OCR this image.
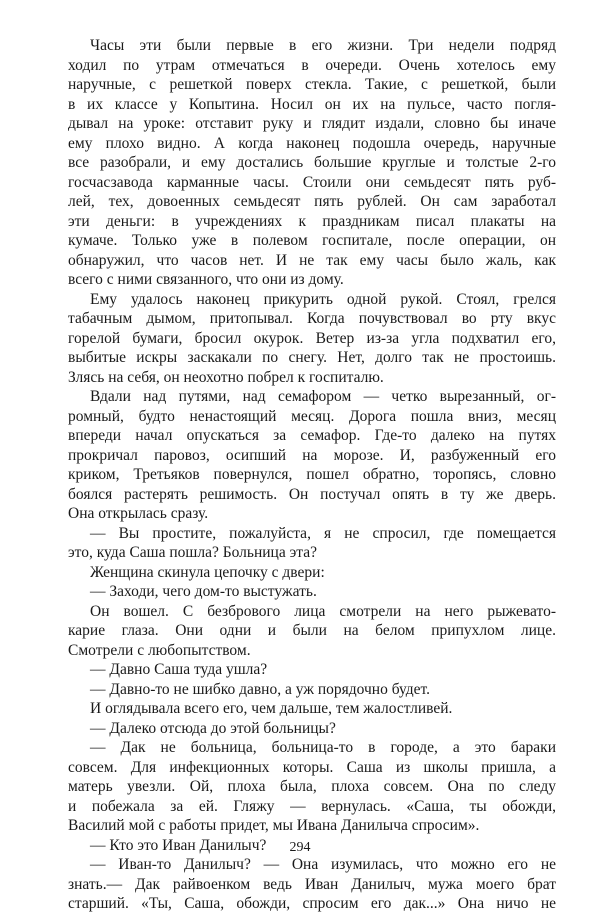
Часы эти были первые в его жизни. Три недели подряд
ходил по утрам отмечаться в очереди. Очень хотелось ему
наручные, с решеткой поверх стекла. Такие, с решеткой, были
в их классе у Копытина. Носил он их на пульсе, часто погля-
дывал на уроке: отставит руку и глядит издали, словно бы иначе
ему плохо видно. А когда наконец подошла очередь, наручные
все разобрали, и ему достались большие круглые и толстые 2-го
госчасзавода карманные часы. Стоили они семьдесят пять руб-
лей, тех, довоенных семьдесят пять рублей. Он сам заработал
эти деньги: в учреждениях к праздникам писал плакаты на
кумаче. Только уже в полевом госпитале, после операции, он
обнаружил, что часов нет. И не так ему часы было жаль, как
всего с ними связанного, что они из дому.
Ему удалось наконец прикурить одной рукой. Стоял, грелся
табачным дымом, притопывал. Когда почувствовал во рту вкус
горелой бумаги, бросил окурок. Ветер из-за угла подхватил его,
выбитые искры заскакали по снегу. Нет, долго так не простоишь.
Злясь на себя, он неохотно побрел к госпиталю.
Вдали над путями, над семафором — четко вырезанный, ог-
ромный, будто ненастоящий месяц. Дорога пошла вниз, месяц
впереди начал опускаться за семафор. Где-то далеко на путях
прокричал паровоз, осипший на морозе. И, разбуженный его
криком, Третьяков повернулся, пошел обратно, торопясь, словно
боялся растерять решимость. Он постучал опять в ту же дверь.
Она открылась сразу.
— Вы простите, пожалуйста, я не спросил, где помещается
это, куда Саша пошла? Больница эта?
Женщина скинула цепочку с двери:
— Заходи, чего дом-то выстужать.
Он вошел. С безбрового лица смотрели на него рыжевато-
карие глаза. Они одни и были на белом припухлом лице.
Смотрели с любопытством.
— Давно Саша туда ушла?
— Давно-то не шибко давно, а уж порядочно будет.
И оглядывала всего его, чем дальше, тем жалостливей.
— Далеко отсюда до этой больницы?
— Дак не больница, больница-то в городе, а это бараки
совсем. Для инфекционных которы. Саша из школы пришла, а
матерь увезли. Ой, плоха была, плоха совсем. Она по следу
и побежала за ей. Гляжу — вернулась. «Саша, ты обожди,
Василий мой с работы придет, мы Ивана Данилыча спросим».
— Кто это Иван Данилыч?
— Иван-то Данилыч? — Она изумилась, что можно его не
знать.— Дак райвоенком ведь Иван Данилыч, мужа моего брат
старший. «Ты, Саша, обожди, спросим его дак...» Она ничо не
294
